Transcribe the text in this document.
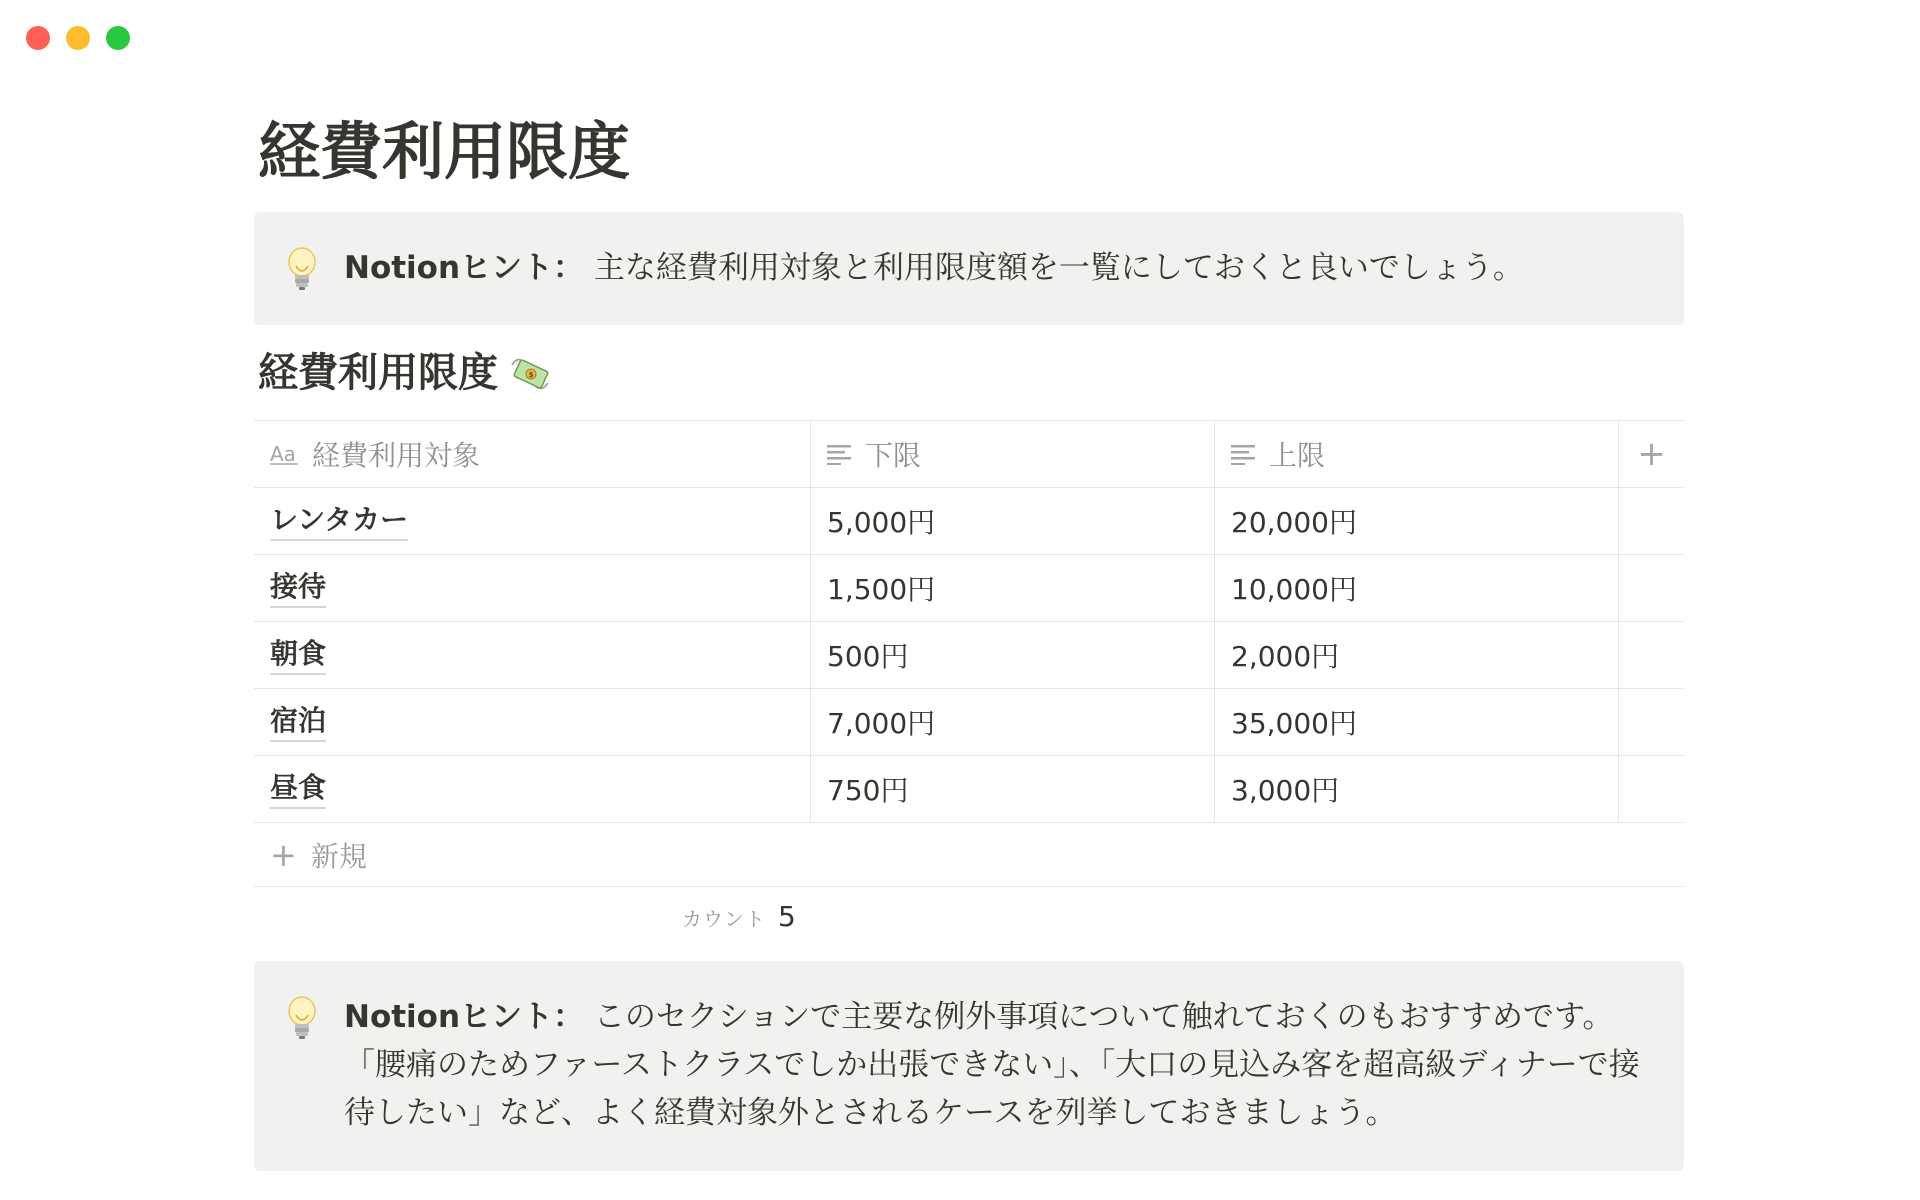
経費利用限度
Notionヒント： 主な経費利用対象と利用限度額を一覧にしておくと良いでしょう。
経費利用限度	$
Aa 経費利用対象	下限	上限	+
レンタカー	5,000円	20,000円
接待	1,500円	10,000円
朝食	500円	2,000円
宿泊	7,000円	35,000円
昼食	750円	3,000円
+ 新規
カウント 5
Notionヒント： このセクションで主要な例外事項について触れておくのもおすすめです。「腰痛のためファーストクラスでしか出張できない」、「大口の見込み客を超高級ディナーで接待したい」など、よく経費対象外とされるケースを列挙しておきましょう。
